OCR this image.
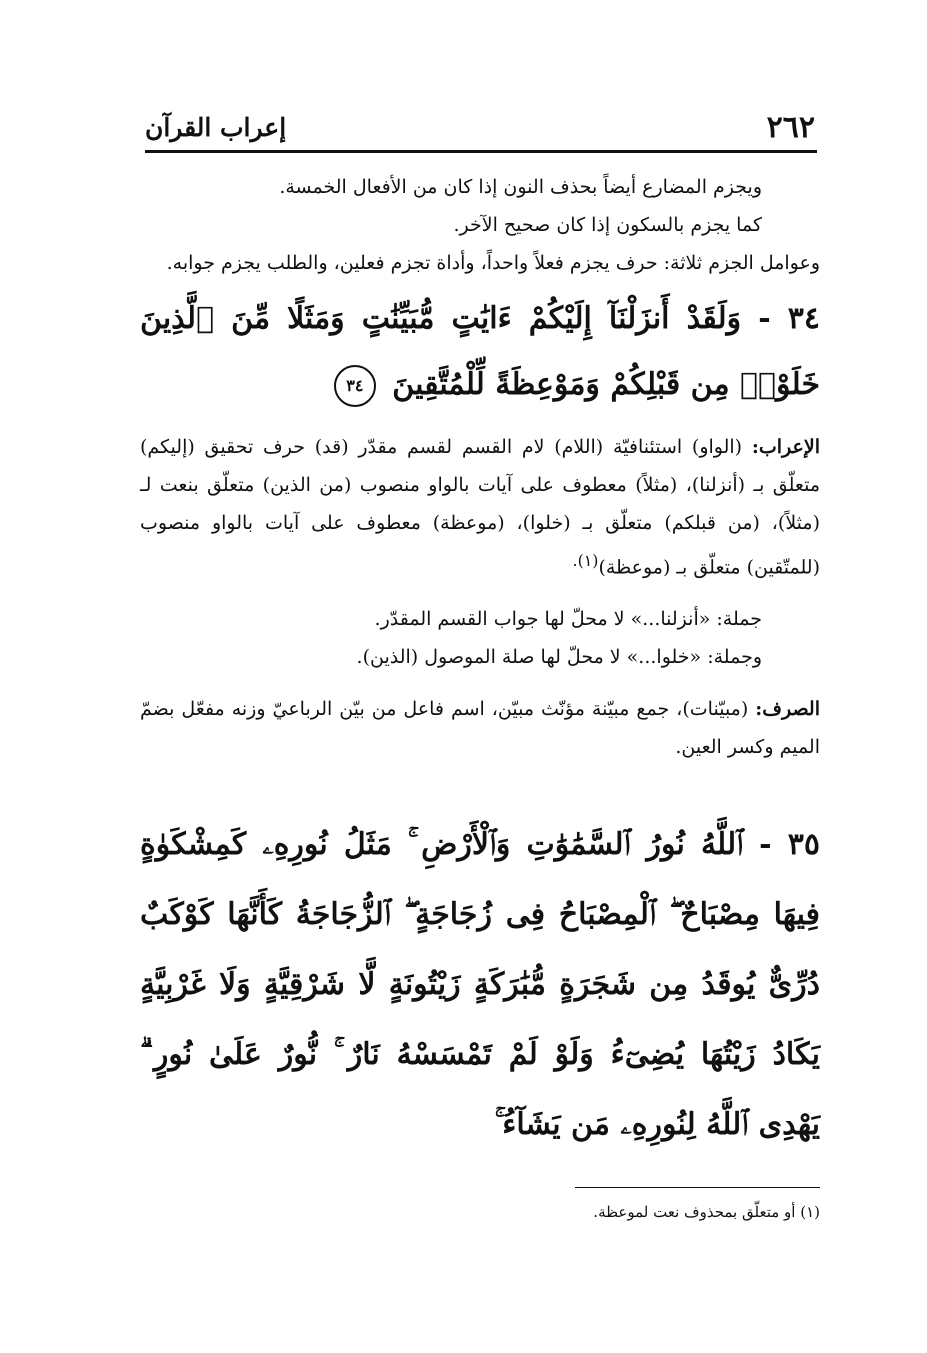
٢٦٢
إعراب القرآن

ويجزم المضارع أيضاً بحذف النون إذا كان من الأفعال الخمسة.

كما يجزم بالسكون إذا كان صحيح الآخر.

وعوامل الجزم ثلاثة: حرف يجزم فعلاً واحداً، وأداة تجزم فعلين، والطلب يجزم جوابه.

٣٤ - وَلَقَدْ أَنزَلْنَآ إِلَيْكُمْ ءَايَٰتٍ مُّبَيِّنَٰتٍ وَمَثَلًا مِّنَ ٱلَّذِينَ خَلَوْا۟ مِن قَبْلِكُمْ وَمَوْعِظَةً لِّلْمُتَّقِينَ ٣٤

الإعراب: (الواو) استئنافيّة (اللام) لام القسم لقسم مقدّر (قد) حرف تحقيق (إليكم) متعلّق بـ (أنزلنا)، (مثلاً) معطوف على آيات بالواو منصوب (من الذين) متعلّق بنعت لـ (مثلاً)، (من قبلكم) متعلّق بـ (خلوا)، (موعظة) معطوف على آيات بالواو منصوب (للمتّقين) متعلّق بـ (موعظة)$^{(١).}$

جملة: «أنزلنا...» لا محلّ لها جواب القسم المقدّر.

وجملة: «خلوا...» لا محلّ لها صلة الموصول (الذين).

الصرف: (مبيّنات)، جمع مبيّنة مؤنّث مبيّن، اسم فاعل من بيّن الرباعيّ وزنه مفعّل بضمّ الميم وكسر العين.

٣٥ - ٱللَّهُ نُورُ ٱلسَّمَٰوَٰتِ وَٱلْأَرْضِ ۚ مَثَلُ نُورِهِۦ كَمِشْكَوٰةٍ فِيهَا مِصْبَاحٌ ۖ ٱلْمِصْبَاحُ فِى زُجَاجَةٍ ۖ ٱلزُّجَاجَةُ كَأَنَّهَا كَوْكَبٌ دُرِّىٌّ يُوقَدُ مِن شَجَرَةٍ مُّبَٰرَكَةٍ زَيْتُونَةٍ لَّا شَرْقِيَّةٍ وَلَا غَرْبِيَّةٍ يَكَادُ زَيْتُهَا يُضِىٓءُ وَلَوْ لَمْ تَمْسَسْهُ نَارٌ ۚ نُّورٌ عَلَىٰ نُورٍ ۗ يَهْدِى ٱللَّهُ لِنُورِهِۦ مَن يَشَآءُ ۚ

(١) أو متعلّق بمحذوف نعت لموعظة.
